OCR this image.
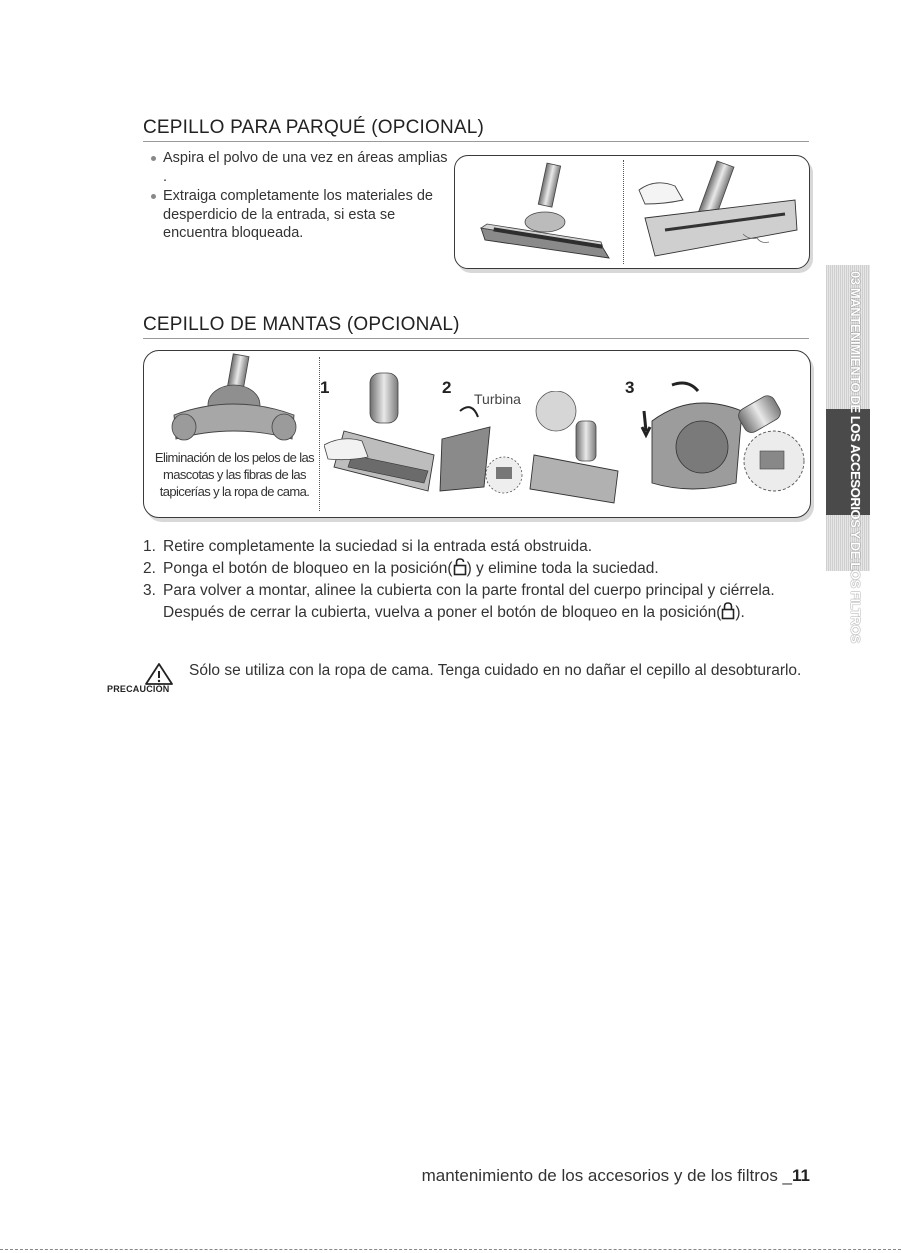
CEPILLO PARA PARQUÉ (OPCIONAL)
Aspira el polvo de una vez en áreas amplias .
Extraiga completamente los materiales de desperdicio de la entrada, si esta se encuentra bloqueada.
CEPILLO DE MANTAS (OPCIONAL)
Eliminación de los pelos de las mascotas y las fibras de las tapicerías y la ropa de cama.
1	2	3
Turbina
1. Retire completamente la suciedad si la entrada está obstruida.
2. Ponga el botón de bloqueo en la posición( ) y elimine toda la suciedad.
3. Para volver a montar, alinee la cubierta con la parte frontal del cuerpo principal y ciérrela. Después de cerrar la cubierta, vuelva a poner el botón de bloqueo en la posición( ).
PRECAUCIÓN
Sólo se utiliza con la ropa de cama. Tenga cuidado en no dañar el cepillo al desobturarlo.
03 MANTENIMIENTO DE LOS ACCESORIOS Y DE LOS FILTROS
mantenimiento de los accesorios y de los filtros _11
